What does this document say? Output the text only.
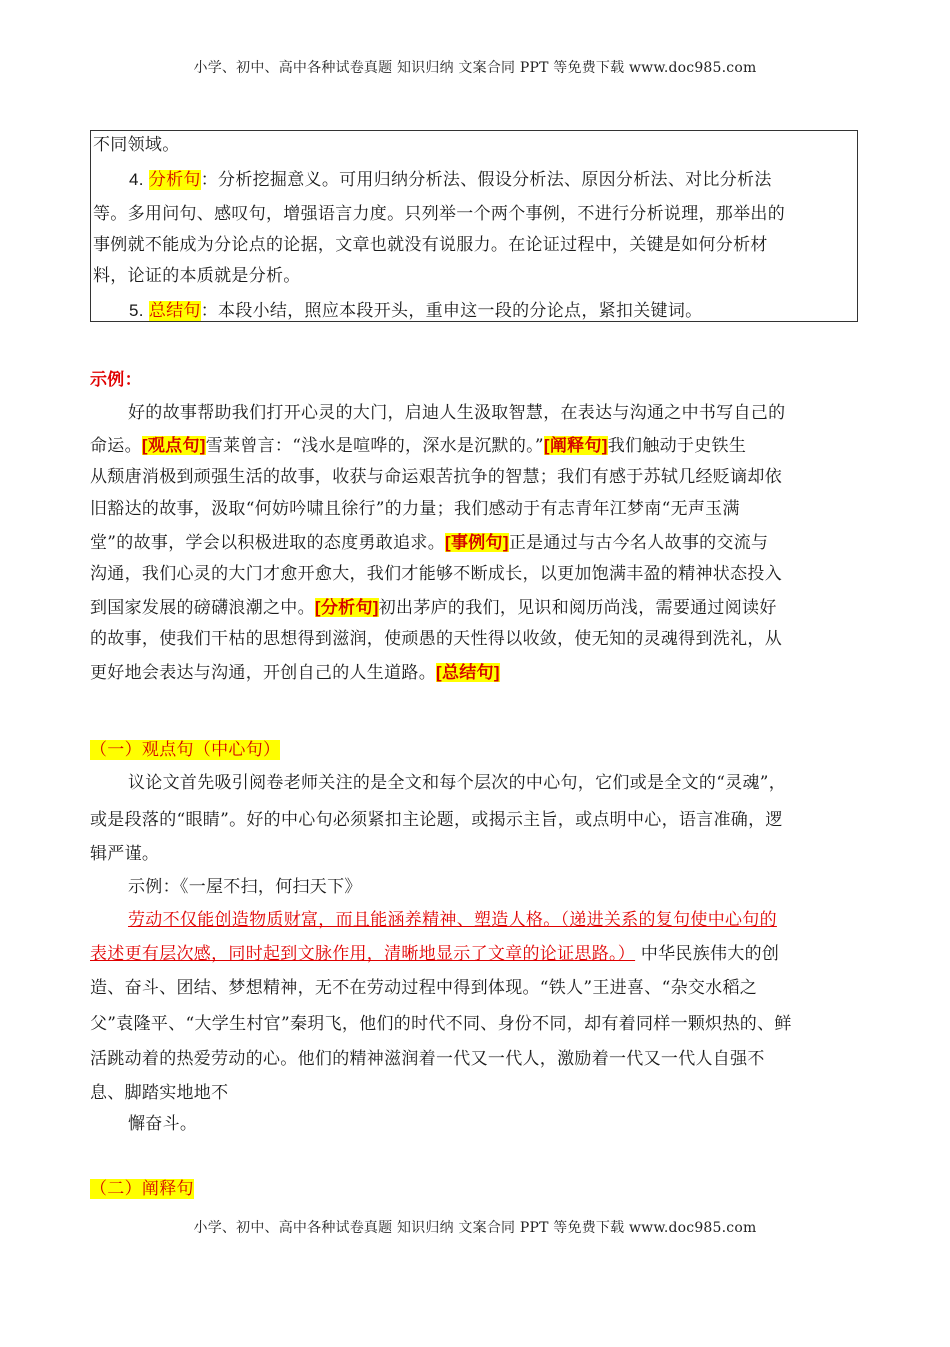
小学、初中、高中各种试卷真题 知识归纳 文案合同 PPT 等免费下载 www.doc985.com
不同领域。
4. 分析句：分析挖掘意义。可用归纳分析法、假设分析法、原因分析法、对比分析法
等。多用问句、感叹句，增强语言力度。只列举一个两个事例，不进行分析说理，那举出的
事例就不能成为分论点的论据，文章也就没有说服力。在论证过程中，关键是如何分析材
料，论证的本质就是分析。
5. 总结句：本段小结，照应本段开头，重申这一段的分论点，紧扣关键词。
示例：
好的故事帮助我们打开心灵的大门，启迪人生汲取智慧，在表达与沟通之中书写自己的
命运。[观点句]雪莱曾言：“浅水是喧哗的，深水是沉默的。”[阐释句]我们触动于史铁生
从颓唐消极到顽强生活的故事，收获与命运艰苦抗争的智慧；我们有感于苏轼几经贬谪却依
旧豁达的故事，汲取“何妨吟啸且徐行”的力量；我们感动于有志青年江梦南“无声玉满
堂”的故事，学会以积极进取的态度勇敢追求。[事例句]正是通过与古今名人故事的交流与
沟通，我们心灵的大门才愈开愈大，我们才能够不断成长，以更加饱满丰盈的精神状态投入
到国家发展的磅礴浪潮之中。[分析句]初出茅庐的我们，见识和阅历尚浅，需要通过阅读好
的故事，使我们干枯的思想得到滋润，使顽愚的天性得以收敛，使无知的灵魂得到洗礼，从
更好地会表达与沟通，开创自己的人生道路。[总结句]
（一）观点句（中心句）
议论文首先吸引阅卷老师关注的是全文和每个层次的中心句，它们或是全文的“灵魂”，
或是段落的“眼睛”。好的中心句必须紧扣主论题，或揭示主旨，或点明中心，语言准确，逻
辑严谨。
示例：《一屋不扫，何扫天下》
劳动不仅能创造物质财富，而且能涵养精神、塑造人格。（递进关系的复句使中心句的
表述更有层次感，同时起到文脉作用，清晰地显示了文章的论证思路。） 中华民族伟大的创
造、奋斗、团结、梦想精神，无不在劳动过程中得到体现。“铁人”王进喜、“杂交水稻之
父”袁隆平、“大学生村官”秦玥飞，他们的时代不同、身份不同，却有着同样一颗炽热的、鲜
活跳动着的热爱劳动的心。他们的精神滋润着一代又一代人，激励着一代又一代人自强不
息、脚踏实地地不
懈奋斗。
（二）阐释句
小学、初中、高中各种试卷真题 知识归纳 文案合同 PPT 等免费下载 www.doc985.com
